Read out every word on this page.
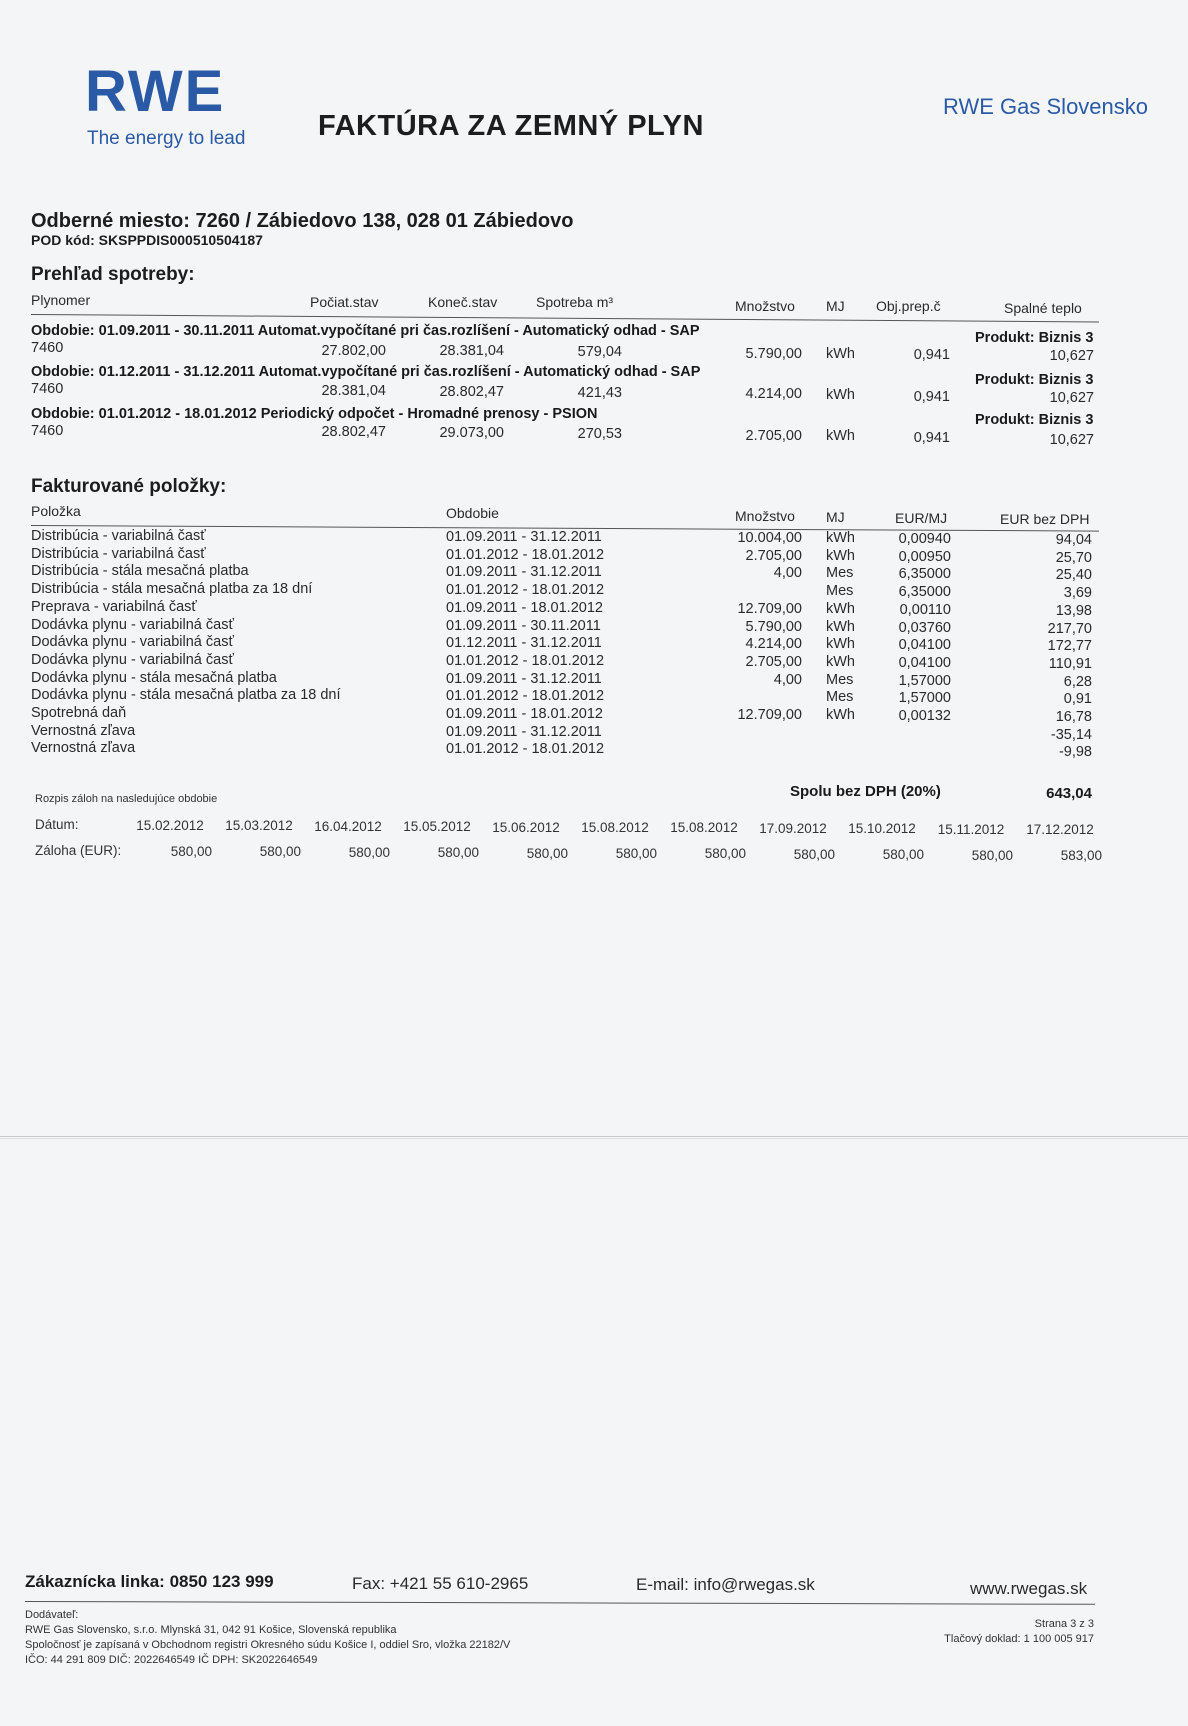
RWE
The energy to lead	FAKTÚRA ZA ZEMNÝ PLYN
RWE Gas Slovensko
Odberné miesto: 7260 / Zábiedovo 138, 028 01 Zábiedovo
POD kód: SKSPPDIS000510504187
Prehľad spotreby:
Plynomer	Počiat.stav	Koneč.stav	Spotreba m³	Množstvo MJ Obj.prep.č	Spalné teplo
Obdobie: 01.09.2011 - 30.11.2011 Automat.vypočítané pri čas.rozlíšení - Automatický odhad - SAP	Produkt: Biznis 3
7460	27.802,00	28.381,04	579,04	5.790,00 kWh	0,941	10,627
Obdobie: 01.12.2011 - 31.12.2011 Automat.vypočítané pri čas.rozlíšení - Automatický odhad - SAP	Produkt: Biznis 3
7460	28.381,04	28.802,47	421,43	4.214,00 kWh	0,941	10,627
Obdobie: 01.01.2012 - 18.01.2012 Periodický odpočet - Hromadné prenosy - PSION	Produkt: Biznis 3
7460	28.802,47	29.073,00	270,53	2.705,00 kWh	0,941	10,627
Fakturované položky:
Položka	Obdobie	Množstvo MJ	EUR/MJ	EUR bez DPH
Distribúcia - variabilná časť	01.09.2011 - 31.12.2011	10.004,00 kWh	0,00940	94,04
Distribúcia - variabilná časť	01.01.2012 - 18.01.2012	2.705,00 kWh	0,00950	25,70
Distribúcia - stála mesačná platba	01.09.2011 - 31.12.2011	4,00 Mes	6,35000	25,40
Distribúcia - stála mesačná platba za 18 dní	01.01.2012 - 18.01.2012	Mes	6,35000	3,69
Preprava - variabilná časť	01.09.2011 - 18.01.2012	12.709,00 kWh	0,00110	13,98
Dodávka plynu - variabilná časť	01.09.2011 - 30.11.2011	5.790,00 kWh	0,03760	217,70
Dodávka plynu - variabilná časť	01.12.2011 - 31.12.2011	4.214,00 kWh	0,04100	172,77
Dodávka plynu - variabilná časť	01.01.2012 - 18.01.2012	2.705,00 kWh	0,04100	110,91
Dodávka plynu - stála mesačná platba	01.09.2011 - 31.12.2011	4,00 Mes	1,57000	6,28
Dodávka plynu - stála mesačná platba za 18 dní	01.01.2012 - 18.01.2012	Mes	1,57000	0,91
Spotrebná daň	01.09.2011 - 18.01.2012	12.709,00 kWh	0,00132	16,78
Vernostná zľava	01.09.2011 - 31.12.2011	-35,14
Vernostná zľava	01.01.2012 - 18.01.2012	-9,98
Spolu bez DPH (20%)	643,04
Rozpis záloh na nasledujúce obdobie
Dátum:
Záloha (EUR):
15.02.2012	15.03.2012	16.04.2012	15.05.2012	15.06.2012	15.08.2012	15.08.2012	17.09.2012	15.10.2012	15.11.2012	17.12.2012
580,00	580,00	580,00	580,00	580,00	580,00	580,00	580,00	580,00	580,00	583,00
Zákaznícka linka: 0850 123 999	Fax: +421 55 610-2965	E-mail: info@rwegas.sk	www.rwegas.sk
Dodávateľ:
RWE Gas Slovensko, s.r.o. Mlynská 31, 042 91 Košice, Slovenská republika
Spoločnosť je zapísaná v Obchodnom registri Okresného súdu Košice I, oddiel Sro, vložka 22182/V
IČO: 44 291 809 DIČ: 2022646549 IČ DPH: SK2022646549
Strana 3 z 3
Tlačový doklad: 1 100 005 917
